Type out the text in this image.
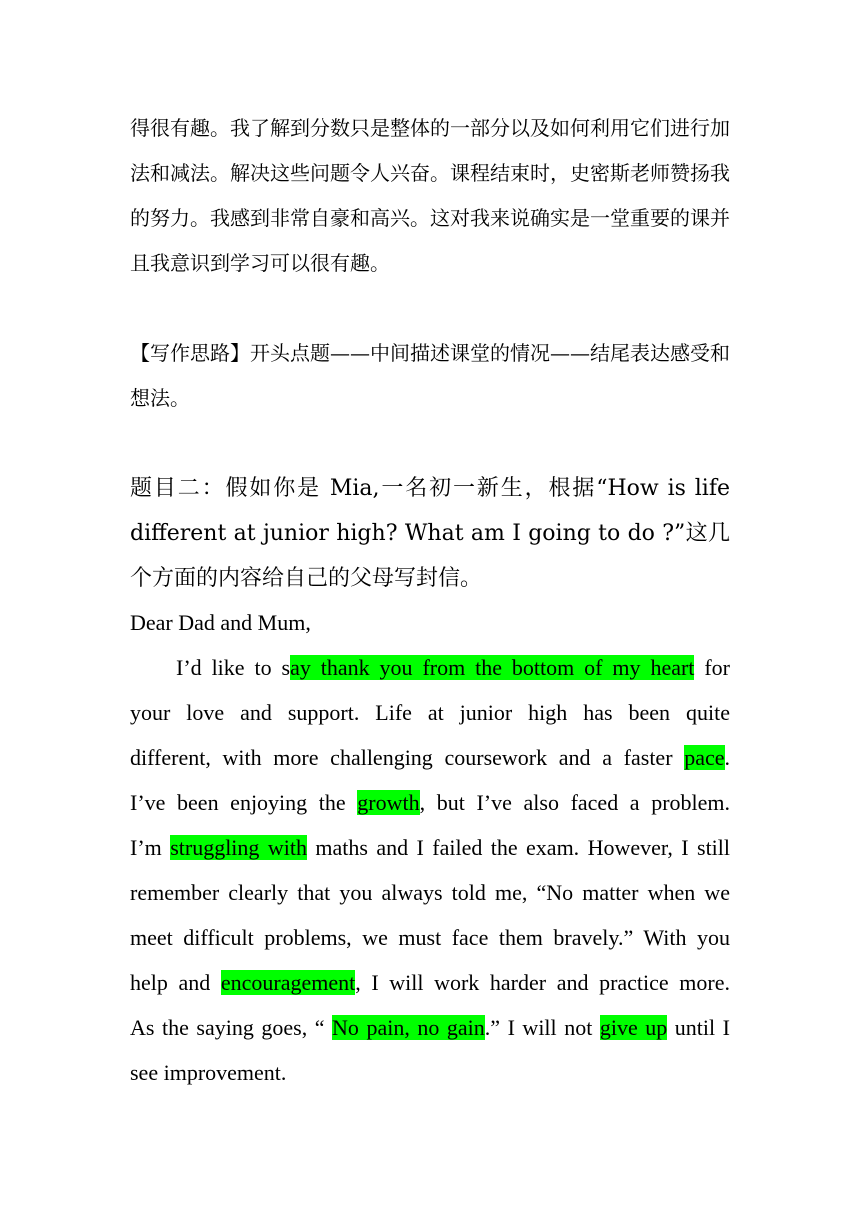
得很有趣。我了解到分数只是整体的一部分以及如何利用它们进行加法和减法。解决这些问题令人兴奋。课程结束时，史密斯老师赞扬我的努力。我感到非常自豪和高兴。这对我来说确实是一堂重要的课并且我意识到学习可以很有趣。
【写作思路】开头点题——中间描述课堂的情况——结尾表达感受和想法。
题目二：假如你是 Mia,一名初一新生，根据“How is life different at junior high? What am I going to do ?”这几个方面的内容给自己的父母写封信。
Dear Dad and Mum,
I’d like to say thank you from the bottom of my heart for
your love and support. Life at junior high has been quite
different, with more challenging coursework and a faster pace.
I’ve been enjoying the growth, but I’ve also faced a problem.
I’m struggling with maths and I failed the exam. However, I still
remember clearly that you always told me, “No matter when we
meet difficult problems, we must face them bravely.” With you
help and encouragement, I will work harder and practice more.
As the saying goes, “ No pain, no gain.” I will not give up until I
see improvement.
